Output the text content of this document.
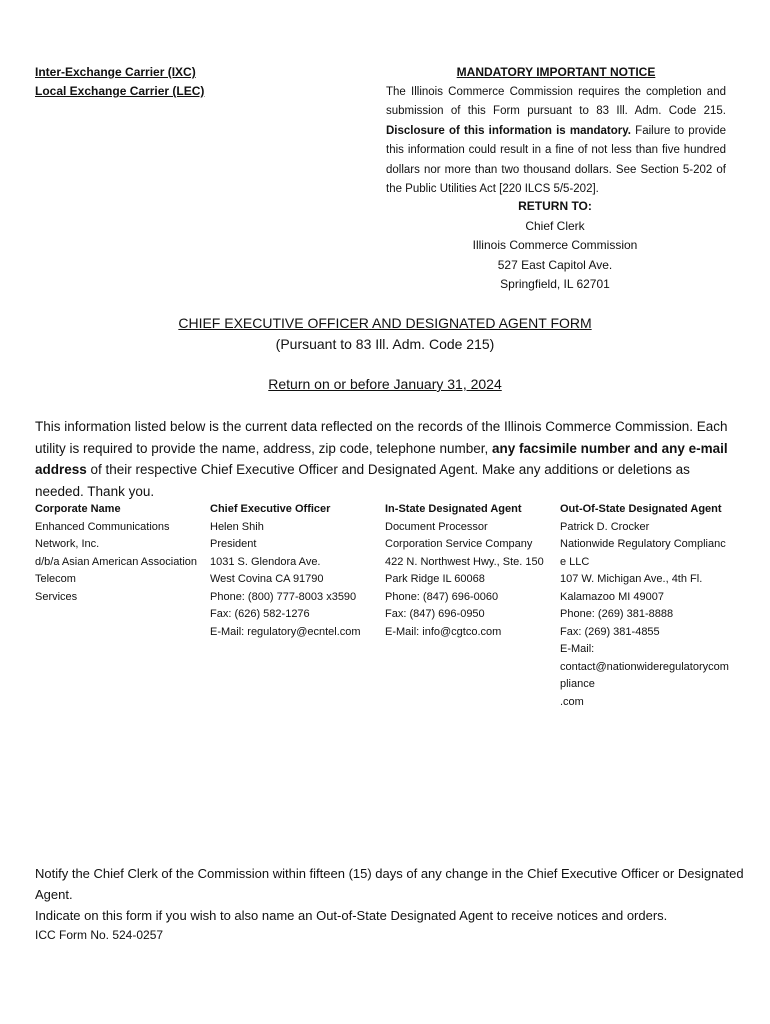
Inter-Exchange Carrier (IXC)
Local Exchange Carrier (LEC)
MANDATORY IMPORTANT NOTICE
The Illinois Commerce Commission requires the completion and submission of this Form pursuant to 83 Ill. Adm. Code 215. Disclosure of this information is mandatory. Failure to provide this information could result in a fine of not less than five hundred dollars nor more than two thousand dollars. See Section 5-202 of the Public Utilities Act [220 ILCS 5/5-202].
RETURN TO:
Chief Clerk
Illinois Commerce Commission
527 East Capitol Ave.
Springfield, IL 62701
CHIEF EXECUTIVE OFFICER AND DESIGNATED AGENT FORM
(Pursuant to 83 Ill. Adm. Code 215)
Return on or before January 31, 2024
This information listed below is the current data reflected on the records of the Illinois Commerce Commission. Each utility is required to provide the name, address, zip code, telephone number, any facsimile number and any e-mail address of their respective Chief Executive Officer and Designated Agent. Make any additions or deletions as needed. Thank you.
Corporate Name
Enhanced Communications Network, Inc.
d/b/a Asian American Association Telecom
Services
Chief Executive Officer
Helen Shih
President
1031 S. Glendora Ave.
West Covina CA 91790
Phone: (800) 777-8003 x3590
Fax: (626) 582-1276
E-Mail: regulatory@ecntel.com
In-State Designated Agent
Document Processor
Corporation Service Company
422 N. Northwest Hwy., Ste. 150
Park Ridge IL 60068
Phone: (847) 696-0060
Fax: (847) 696-0950
E-Mail: info@cgtco.com
Out-Of-State Designated Agent
Patrick D. Crocker
Nationwide Regulatory Compliance LLC
107 W. Michigan Ave., 4th Fl.
Kalamazoo MI 49007
Phone: (269) 381-8888
Fax: (269) 381-4855
E-Mail:
contact@nationwideregulatorycompliance
.com
Notify the Chief Clerk of the Commission within fifteen (15) days of any change in the Chief Executive Officer or Designated Agent.
Indicate on this form if you wish to also name an Out-of-State Designated Agent to receive notices and orders.
ICC Form No. 524-0257
